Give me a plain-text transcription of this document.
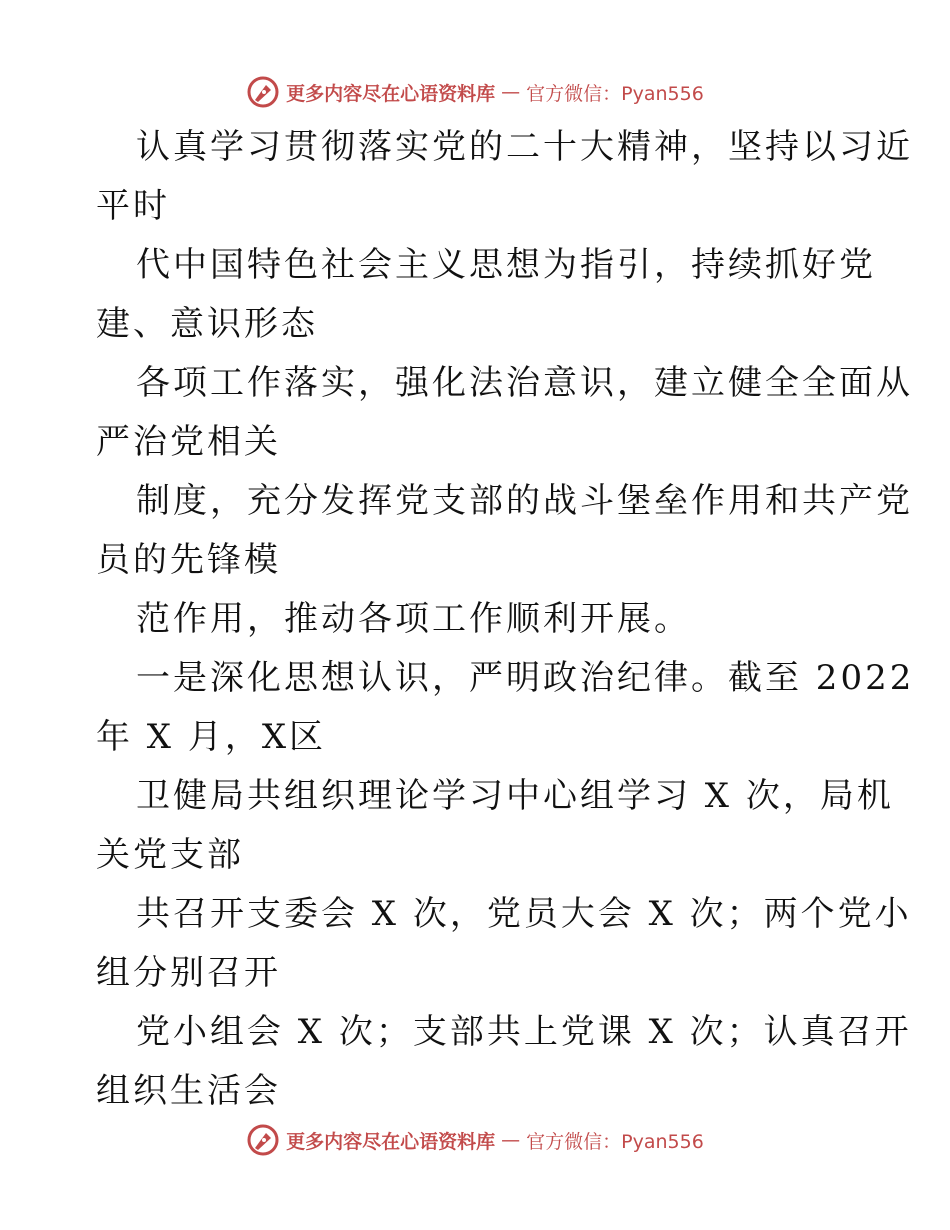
更多内容尽在心语资料库 — 官方微信：Pyan556
认真学习贯彻落实党的二十大精神，坚持以习近
平时
代中国特色社会主义思想为指引，持续抓好党
建、意识形态
各项工作落实，强化法治意识，建立健全全面从
严治党相关
制度，充分发挥党支部的战斗堡垒作用和共产党
员的先锋模
范作用，推动各项工作顺利开展。
一是深化思想认识，严明政治纪律。截至 2022
年 X 月，X区
卫健局共组织理论学习中心组学习 X 次，局机
关党支部
共召开支委会 X 次，党员大会 X 次；两个党小
组分别召开
党小组会 X 次；支部共上党课 X 次；认真召开
组织生活会
更多内容尽在心语资料库 — 官方微信：Pyan556
